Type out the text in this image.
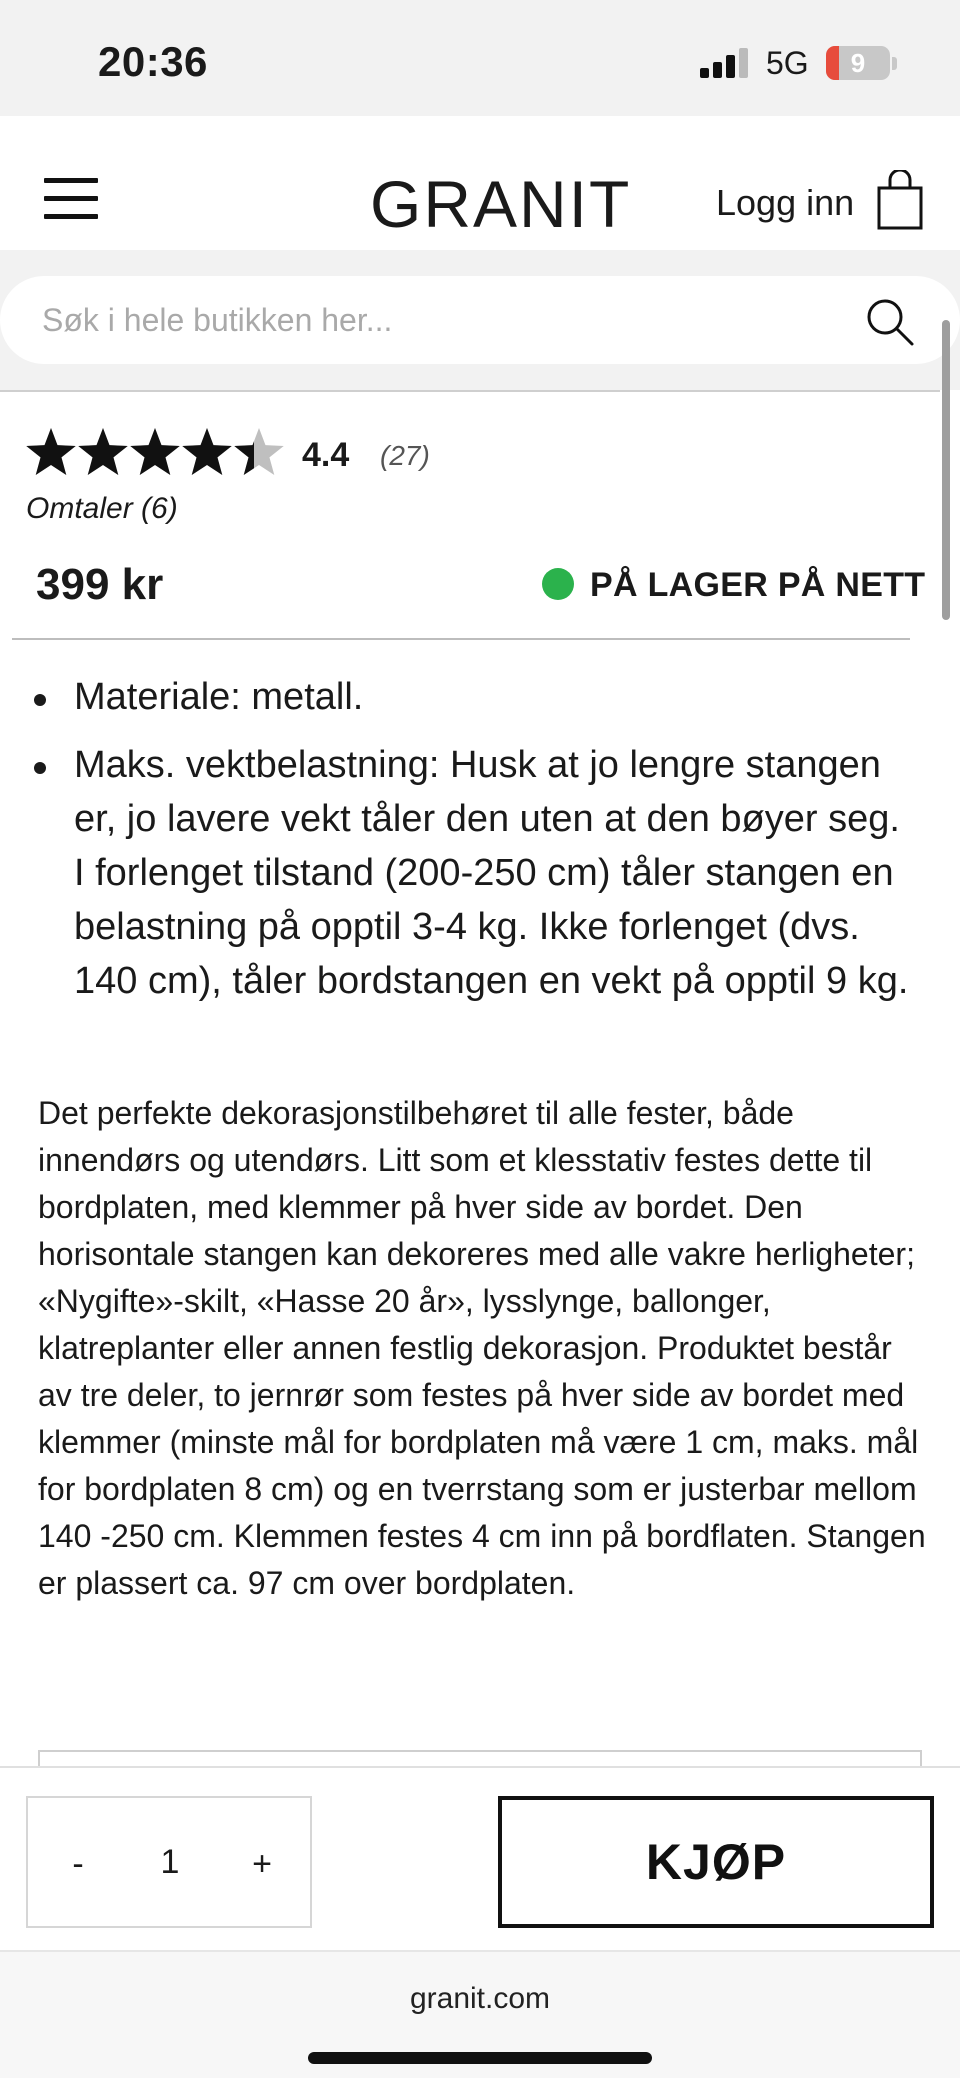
20:36	5G	9
GRANIT Logg inn
Søk i hele butikken her...
4.4 (27)
Omtaler (6)
399 kr	PÅ LAGER PÅ NETT
Materiale: metall.
Maks. vektbelastning: Husk at jo lengre stangen er, jo lavere vekt tåler den uten at den bøyer seg. I forlenget tilstand (200-250 cm) tåler stangen en belastning på opptil 3-4 kg. Ikke forlenget (dvs. 140 cm), tåler bordstangen en vekt på opptil 9 kg.

Det perfekte dekorasjonstilbehøret til alle fester, både innendørs og utendørs. Litt som et klesstativ festes dette til bordplaten, med klemmer på hver side av bordet. Den horisontale stangen kan dekoreres med alle vakre herligheter; «Nygifte»-skilt, «Hasse 20 år», lysslynge, ballonger, klatreplanter eller annen festlig dekorasjon. Produktet består av tre deler, to jernrør som festes på hver side av bordet med klemmer (minste mål for bordplaten må være 1 cm, maks. mål for bordplaten 8 cm) og en tverrstang som er justerbar mellom 140 -250 cm. Klemmen festes 4 cm inn på bordflaten. Stangen er plassert ca. 97 cm over bordplaten.

-	1	+	KJØP
granit.com
